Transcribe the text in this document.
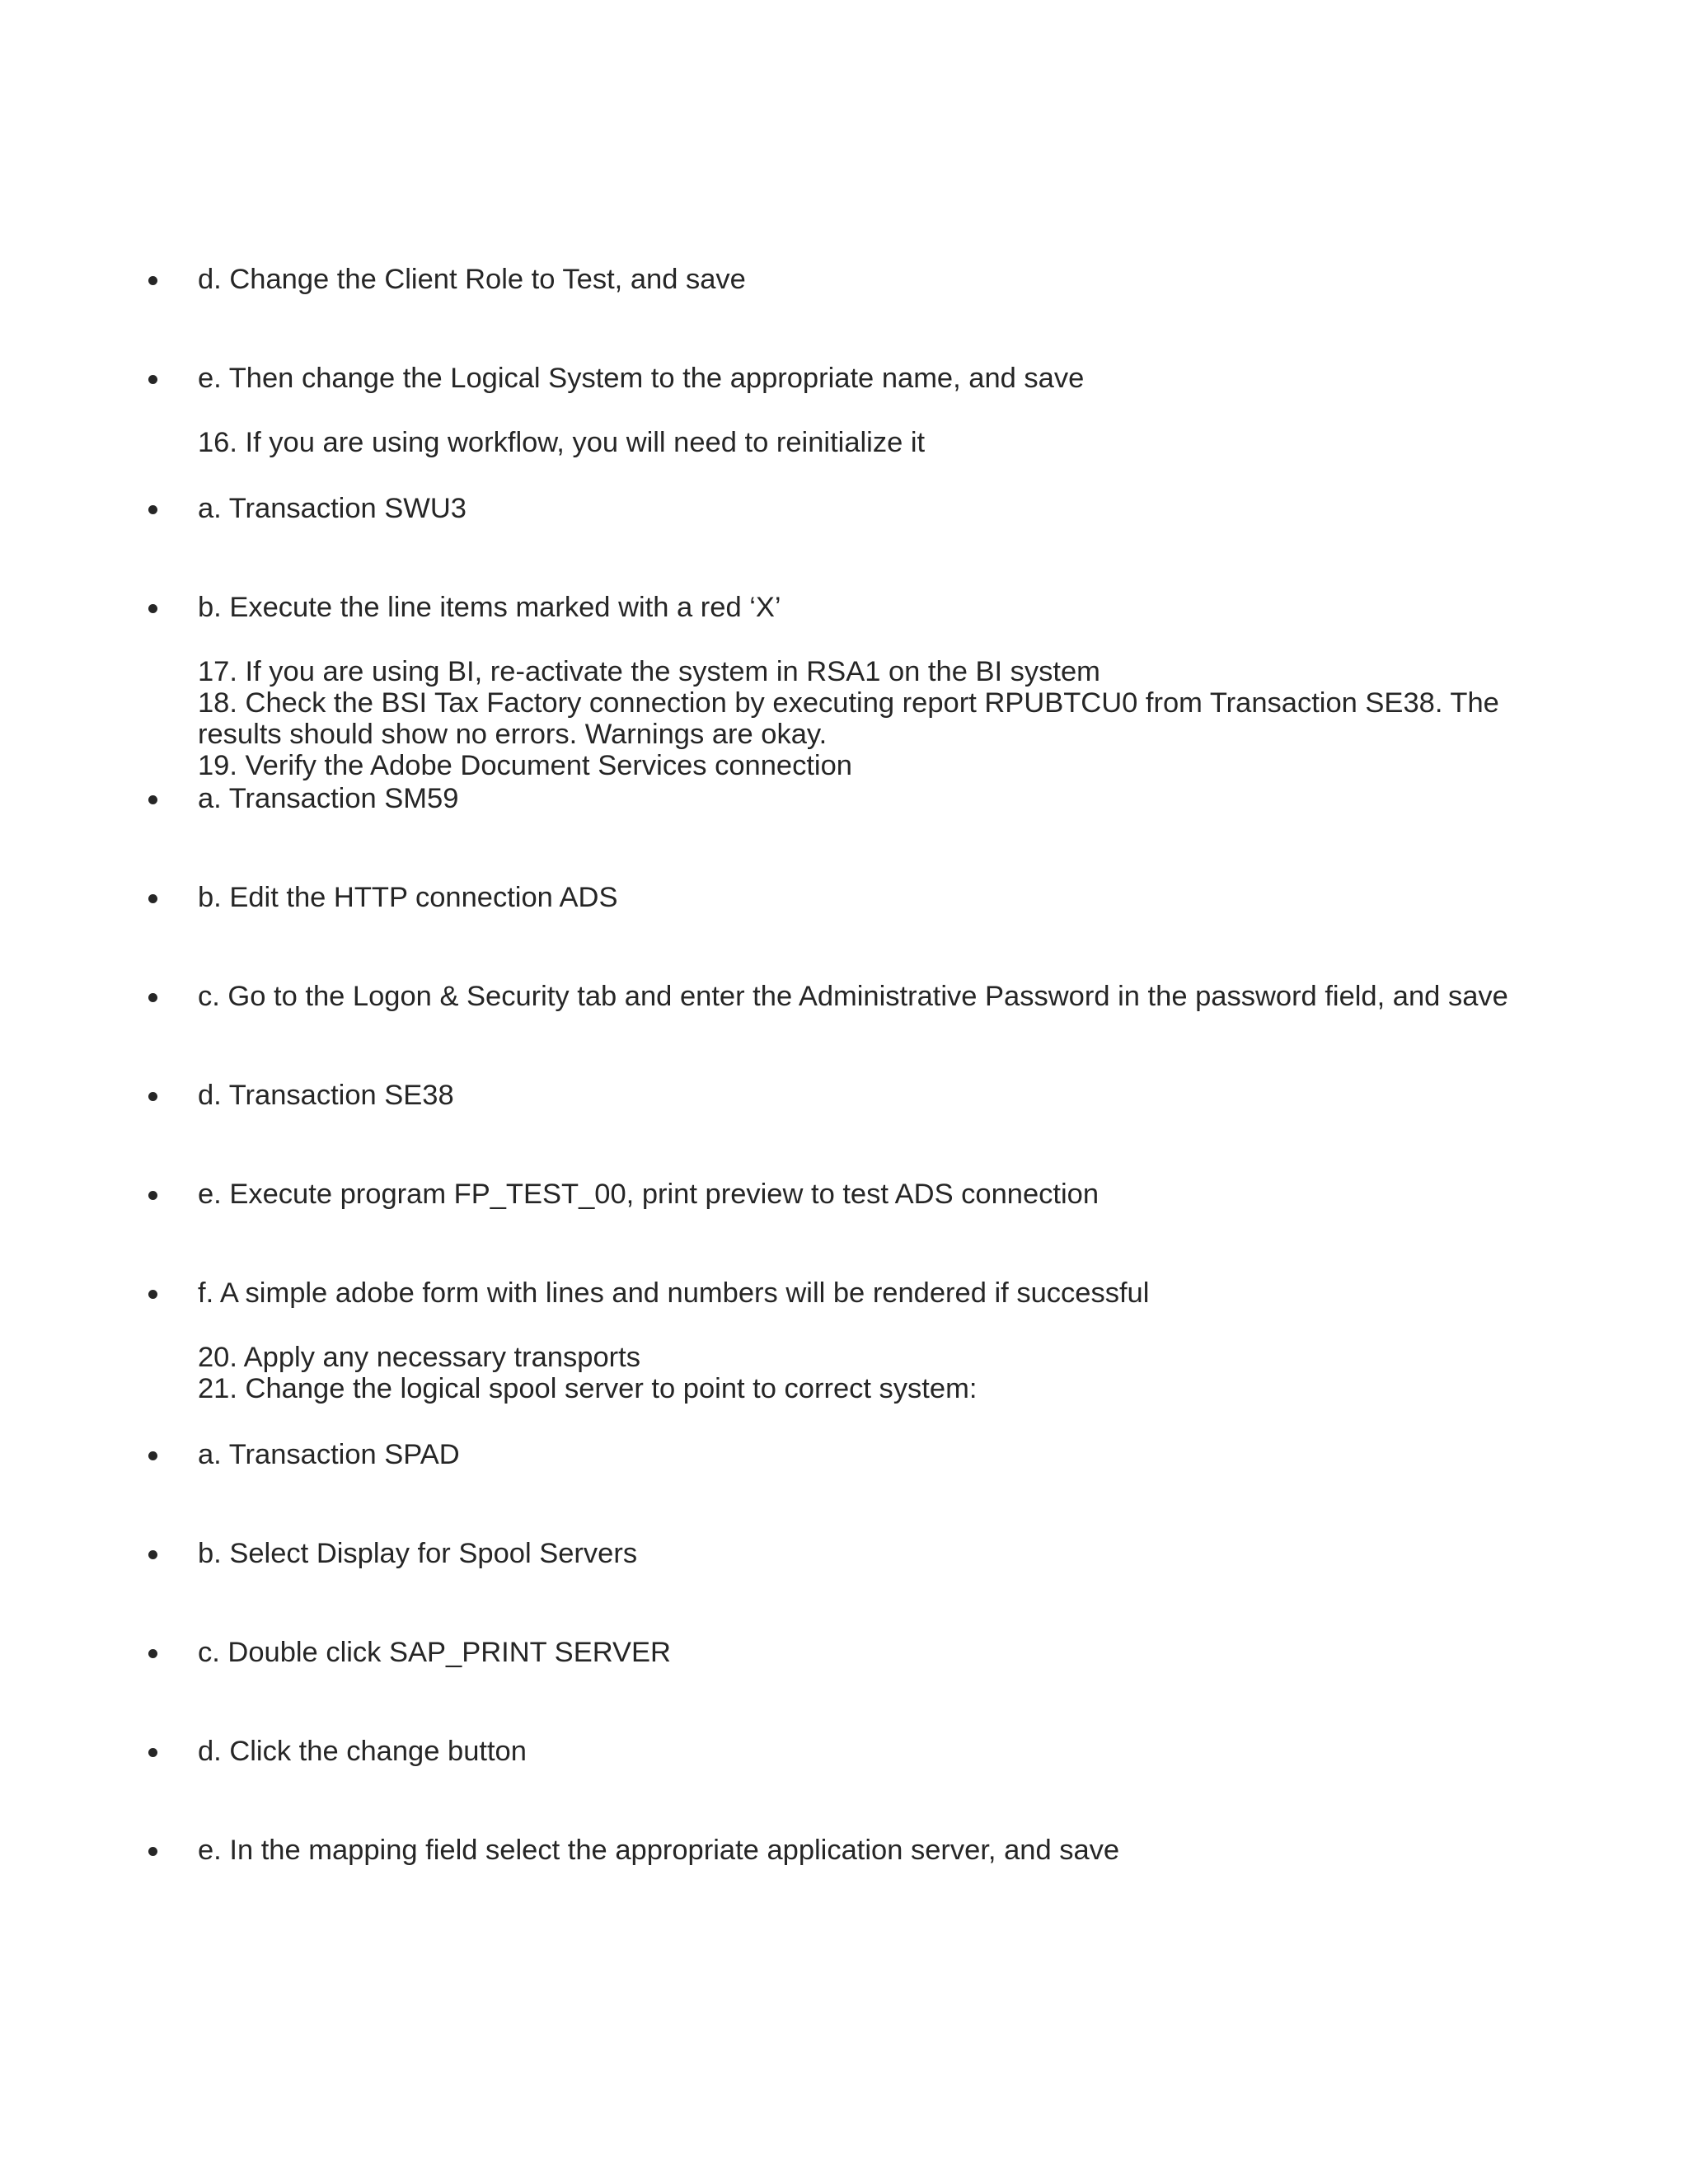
d. Change the Client Role to Test, and save
e. Then change the Logical System to the appropriate name, and save
16. If you are using workflow, you will need to reinitialize it
a. Transaction SWU3
b. Execute the line items marked with a red ‘X’
17. If you are using BI, re-activate the system in RSA1 on the BI system
18. Check the BSI Tax Factory connection by executing report RPUBTCU0 from Transaction SE38. The
results should show no errors. Warnings are okay.
19. Verify the Adobe Document Services connection
a. Transaction SM59
b. Edit the HTTP connection ADS
c. Go to the Logon & Security tab and enter the Administrative Password in the password field, and save
d. Transaction SE38
e. Execute program FP_TEST_00, print preview to test ADS connection
f. A simple adobe form with lines and numbers will be rendered if successful
20. Apply any necessary transports
21. Change the logical spool server to point to correct system:
a. Transaction SPAD
b. Select Display for Spool Servers
c. Double click SAP_PRINT SERVER
d. Click the change button
e. In the mapping field select the appropriate application server, and save
